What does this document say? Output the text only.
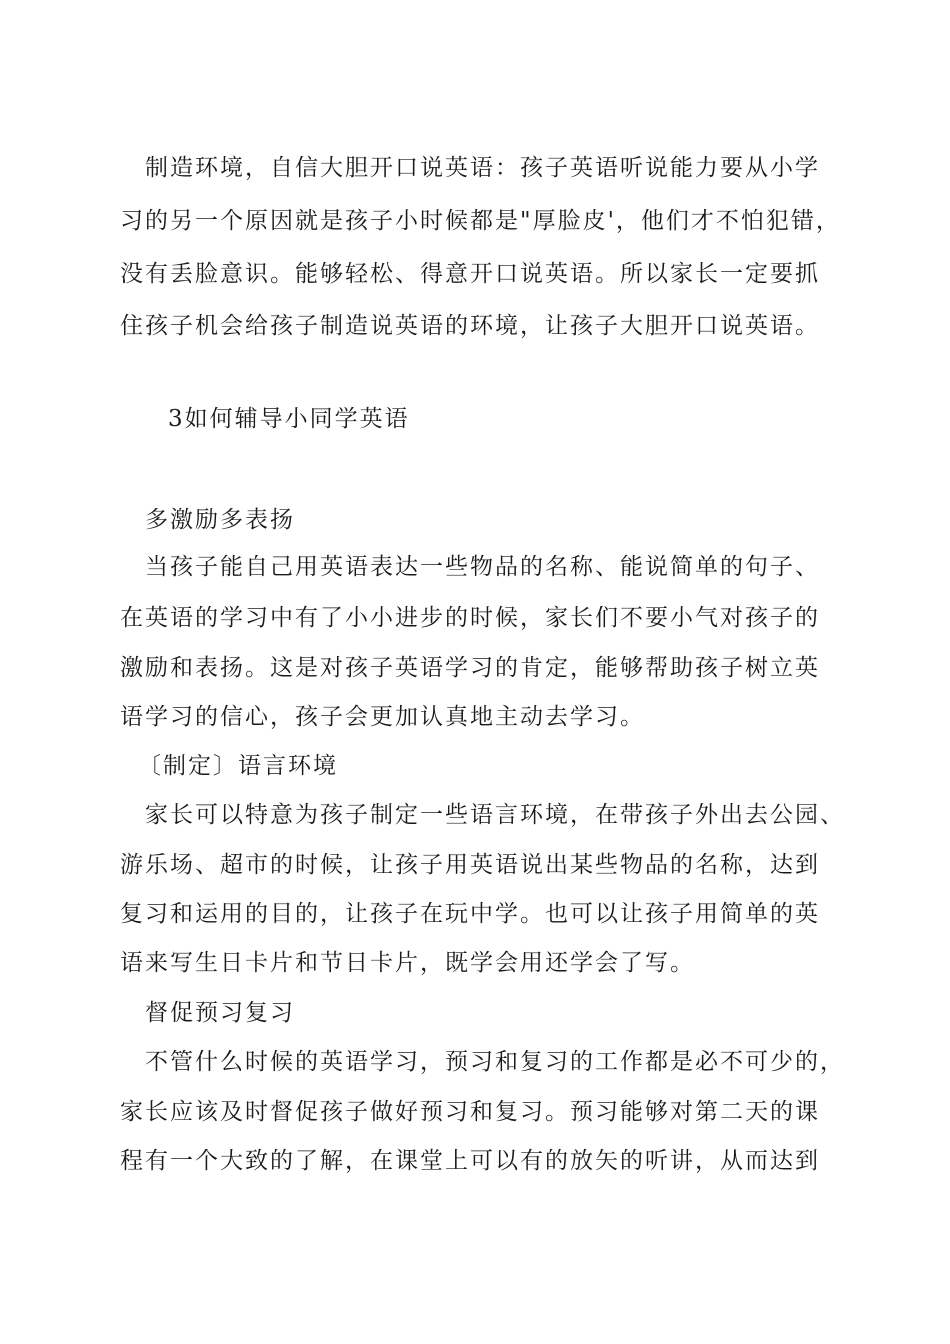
制造环境，自信大胆开口说英语：孩子英语听说能力要从小学
习的另一个原因就是孩子小时候都是"厚脸皮'，他们才不怕犯错，
没有丢脸意识。能够轻松、得意开口说英语。所以家长一定要抓
住孩子机会给孩子制造说英语的环境，让孩子大胆开口说英语。
3如何辅导小同学英语
多激励多表扬
当孩子能自己用英语表达一些物品的名称、能说简单的句子、
在英语的学习中有了小小进步的时候，家长们不要小气对孩子的
激励和表扬。这是对孩子英语学习的肯定，能够帮助孩子树立英
语学习的信心，孩子会更加认真地主动去学习。
〔制定〕语言环境
家长可以特意为孩子制定一些语言环境，在带孩子外出去公园、
游乐场、超市的时候，让孩子用英语说出某些物品的名称，达到
复习和运用的目的，让孩子在玩中学。也可以让孩子用简单的英
语来写生日卡片和节日卡片，既学会用还学会了写。
督促预习复习
不管什么时候的英语学习，预习和复习的工作都是必不可少的，
家长应该及时督促孩子做好预习和复习。预习能够对第二天的课
程有一个大致的了解，在课堂上可以有的放矢的听讲，从而达到
